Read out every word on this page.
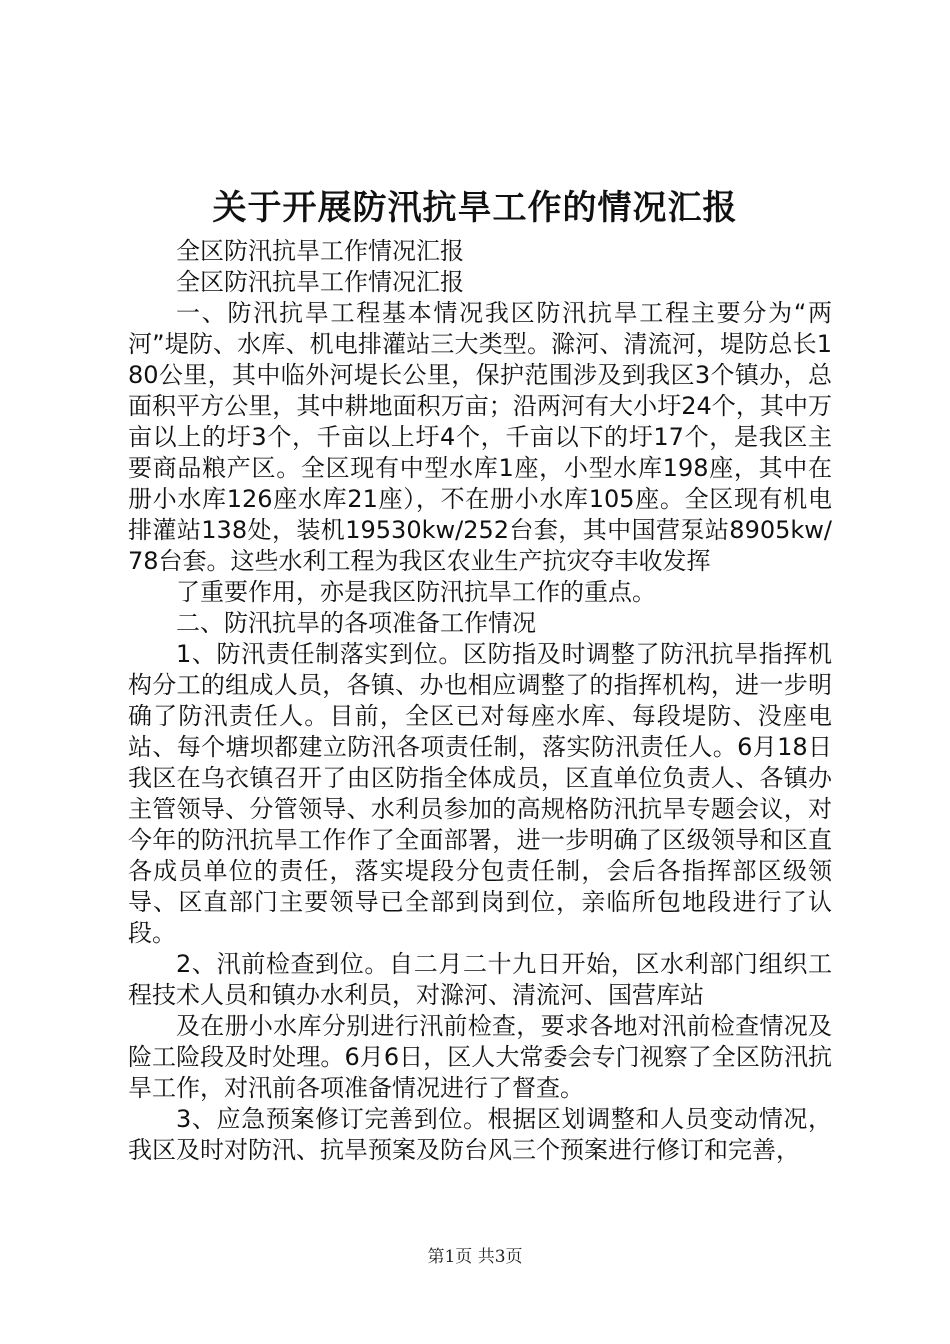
关于开展防汛抗旱工作的情况汇报

全区防汛抗旱工作情况汇报

全区防汛抗旱工作情况汇报

一、防汛抗旱工程基本情况我区防汛抗旱工程主要分为“两河”堤防、水库、机电排灌站三大类型。滁河、清流河，堤防总长180公里，其中临外河堤长公里，保护范围涉及到我区3个镇办，总面积平方公里，其中耕地面积万亩；沿两河有大小圩24个，其中万亩以上的圩3个，千亩以上圩4个，千亩以下的圩17个，是我区主要商品粮产区。全区现有中型水库1座，小型水库198座，其中在册小水库126座水库21座），不在册小水库105座。全区现有机电排灌站138处，装机19530kw/252台套，其中国营泵站8905kw/78台套。这些水利工程为我区农业生产抗灾夺丰收发挥

了重要作用，亦是我区防汛抗旱工作的重点。

二、防汛抗旱的各项准备工作情况

1、防汛责任制落实到位。区防指及时调整了防汛抗旱指挥机构分工的组成人员，各镇、办也相应调整了的指挥机构，进一步明确了防汛责任人。目前，全区已对每座水库、每段堤防、没座电站、每个塘坝都建立防汛各项责任制，落实防汛责任人。6月18日我区在乌衣镇召开了由区防指全体成员，区直单位负责人、各镇办主管领导、分管领导、水利员参加的高规格防汛抗旱专题会议，对今年的防汛抗旱工作作了全面部署，进一步明确了区级领导和区直各成员单位的责任，落实堤段分包责任制，会后各指挥部区级领导、区直部门主要领导已全部到岗到位，亲临所包地段进行了认段。

2、汛前检查到位。自二月二十九日开始，区水利部门组织工程技术人员和镇办水利员，对滁河、清流河、国营库站

及在册小水库分别进行汛前检查，要求各地对汛前检查情况及险工险段及时处理。6月6日，区人大常委会专门视察了全区防汛抗旱工作，对汛前各项准备情况进行了督查。

3、应急预案修订完善到位。根据区划调整和人员变动情况，我区及时对防汛、抗旱预案及防台风三个预案进行修订和完善，

第1页 共3页
